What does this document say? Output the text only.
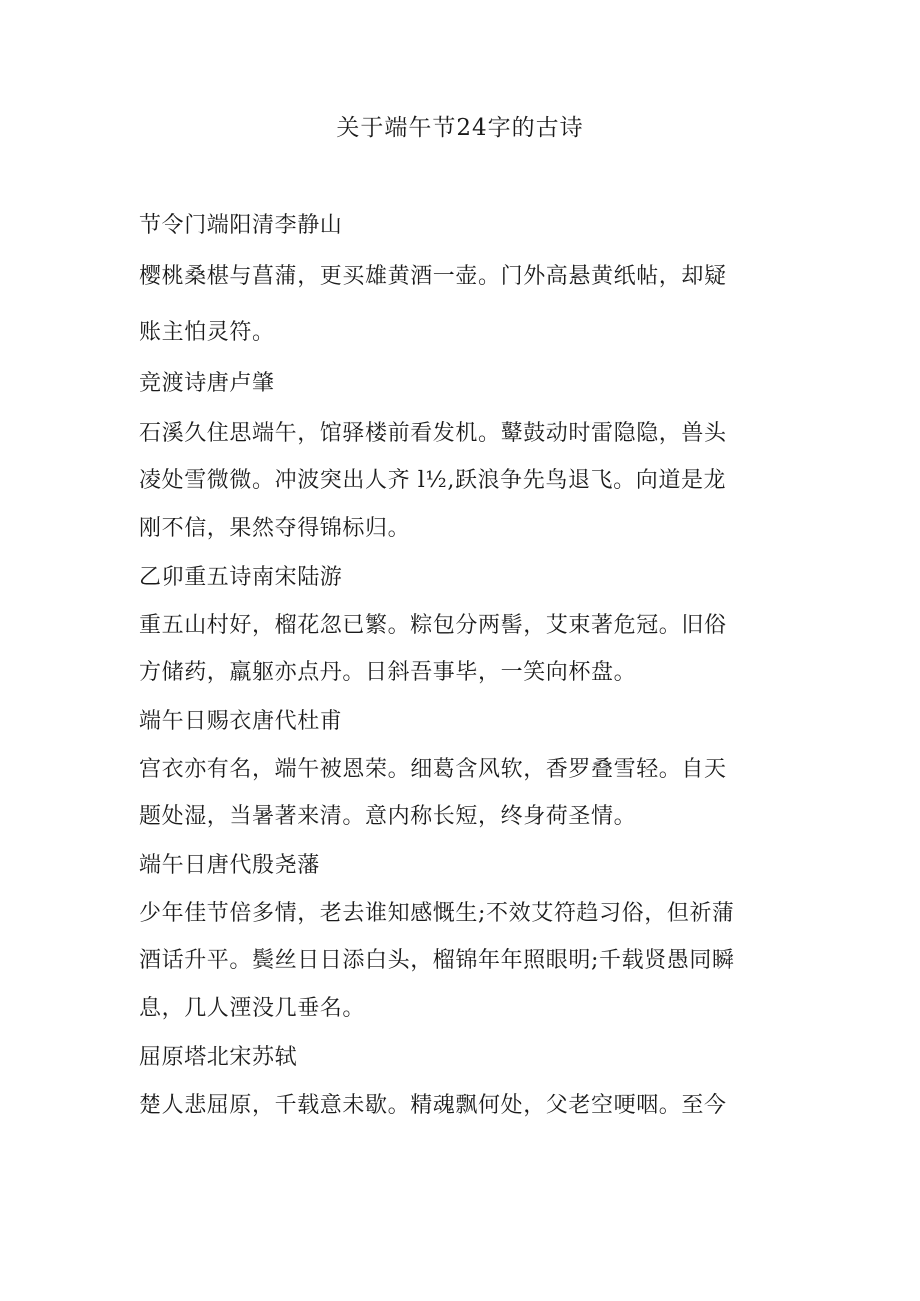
关于端午节24字的古诗
节令门端阳清李静山
樱桃桑椹与菖蒲，更买雄黄酒一壶。门外高悬黄纸帖，却疑
账主怕灵符。
竞渡诗唐卢肇
石溪久住思端午，馆驿楼前看发机。鼙鼓动时雷隐隐，兽头
凌处雪微微。冲波突出人齐 l½,跃浪争先鸟退飞。向道是龙
刚不信，果然夺得锦标归。
乙卯重五诗南宋陆游
重五山村好，榴花忽已繁。粽包分两髻，艾束著危冠。旧俗
方储药，羸躯亦点丹。日斜吾事毕，一笑向杯盘。
端午日赐衣唐代杜甫
宫衣亦有名，端午被恩荣。细葛含风软，香罗叠雪轻。自天
题处湿，当暑著来清。意内称长短，终身荷圣情。
端午日唐代殷尧藩
少年佳节倍多情，老去谁知感慨生;不效艾符趋习俗，但祈蒲
酒话升平。鬓丝日日添白头，榴锦年年照眼明;千载贤愚同瞬
息，几人湮没几垂名。
屈原塔北宋苏轼
楚人悲屈原，千载意未歇。精魂飘何处，父老空哽咽。至今
